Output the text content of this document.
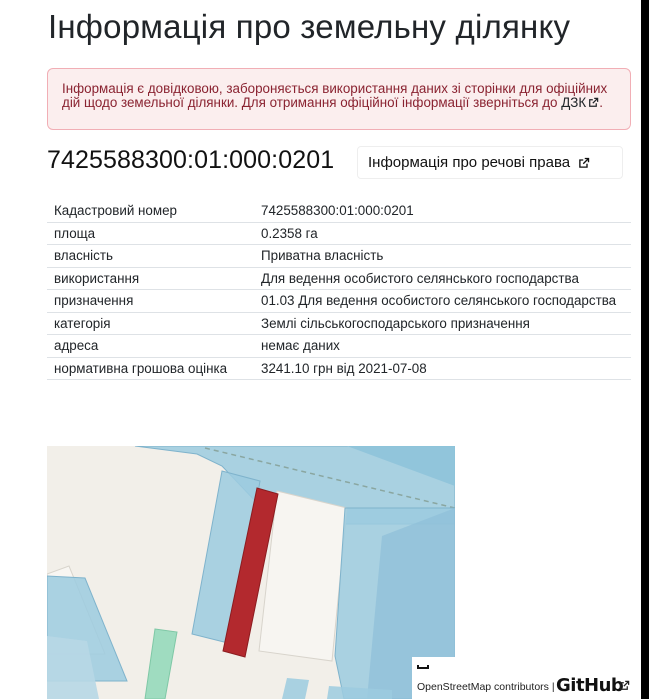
Інформація про земельну ділянку
Інформація є довідковою, забороняється використання даних зі сторінки для офіційних дій щодо земельної ділянки. Для отримання офіційної інформації зверніться до ДЗК .
7425588300:01:000:0201 Інформація про речові права
Кадастровий номер	7425588300:01:000:0201
площа	0.2358 га
власність	Приватна власність
використання	Для ведення особистого селянського господарства
призначення	01.03 Для ведення особистого селянського господарства
категорія	Землі сільськогосподарського призначення
адреса	немає даних
нормативна грошова оцінка	3241.10 грн від 2021-07-08
OpenStreetMap contributors | GitHub
